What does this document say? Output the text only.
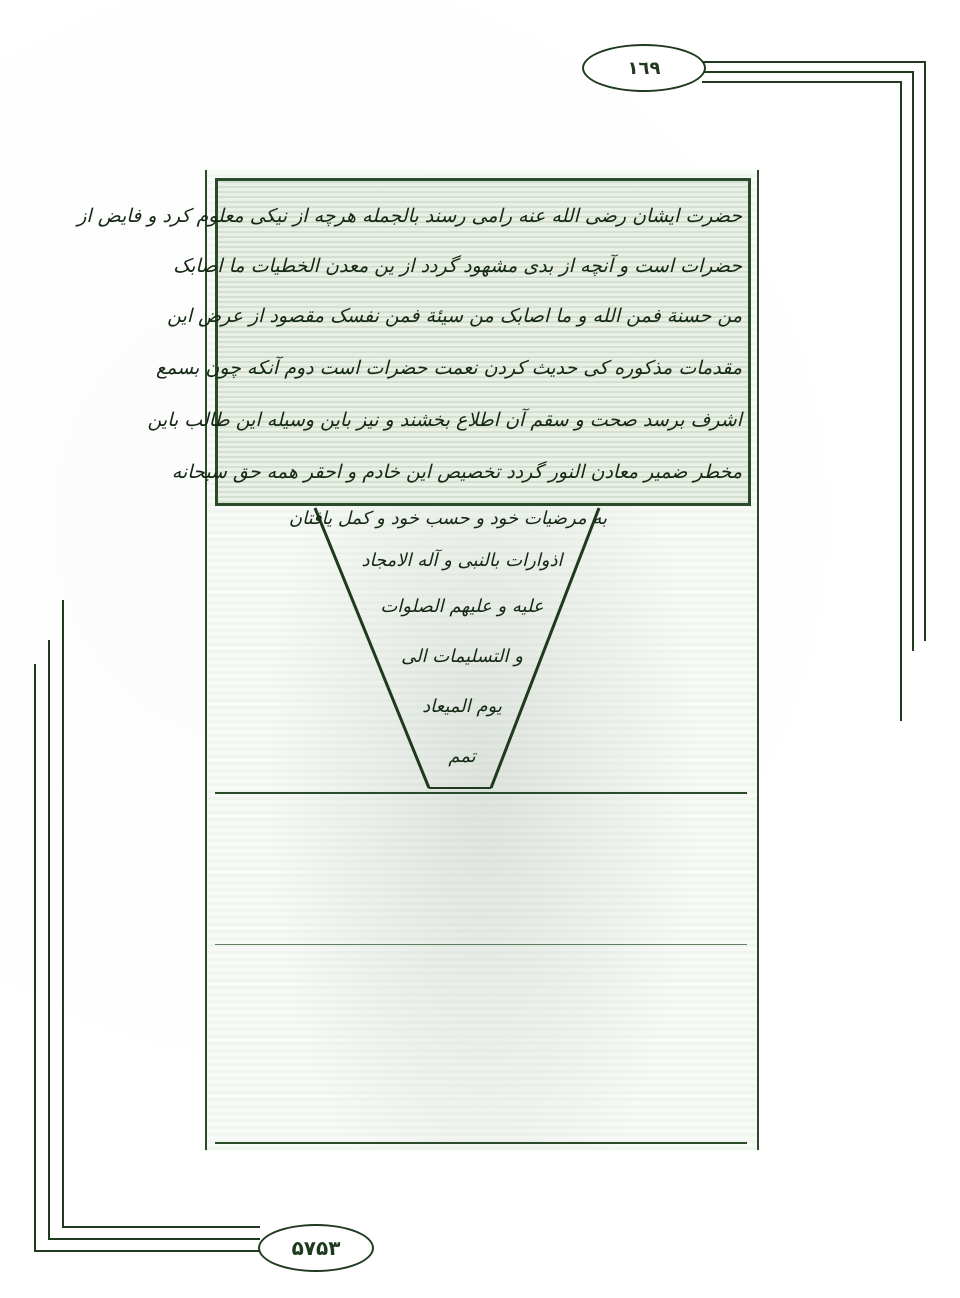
١٦٩
۵٧۵٣
حضرت ایشان رضی الله عنه رامی رسند بالجمله هرچه از نیکی معلوم کرد و فایض از
حضرات است و آنچه از بدی مشهود گردد از ین معدن الخطیات ما اصابک
من حسنة فمن الله و ما اصابک من سیئة فمن نفسک مقصود از عرض این
مقدمات مذکوره کی حدیث کردن نعمت حضرات است دوم آنکه چون بسمع
اشرف برسد صحت و سقم آن اطلاع بخشند و نیز باین وسیله این طالب باین
مخطر ضمیر معادن النور گردد تخصیص این خادم و احقر همه حق سبحانه
به مرضیات خود و حسب خود و کمل یافتان
اذوارات بالنبی و آله الامجاد
علیه و علیهم الصلوات
و التسلیمات الی
یوم المیعاد
تمم
